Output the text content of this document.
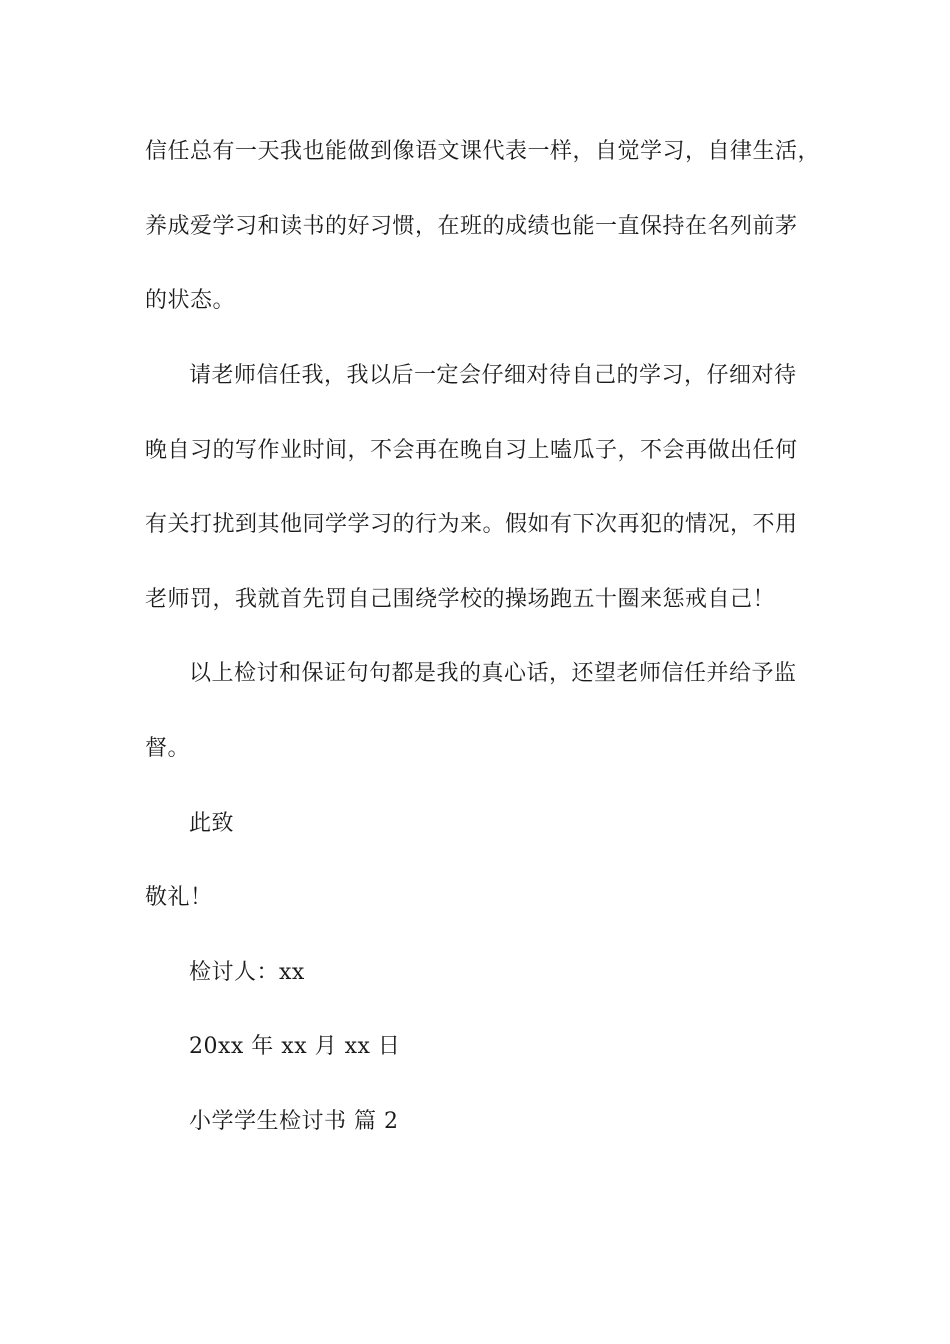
信任总有一天我也能做到像语文课代表一样，自觉学习，自律生活，
养成爱学习和读书的好习惯，在班的成绩也能一直保持在名列前茅
的状态。
请老师信任我，我以后一定会仔细对待自己的学习，仔细对待
晚自习的写作业时间，不会再在晚自习上嗑瓜子，不会再做出任何
有关打扰到其他同学学习的行为来。假如有下次再犯的情况，不用
老师罚，我就首先罚自己围绕学校的操场跑五十圈来惩戒自己！
以上检讨和保证句句都是我的真心话，还望老师信任并给予监
督。
此致
敬礼！
检讨人：xx
20xx 年 xx 月 xx 日
小学学生检讨书 篇 2
